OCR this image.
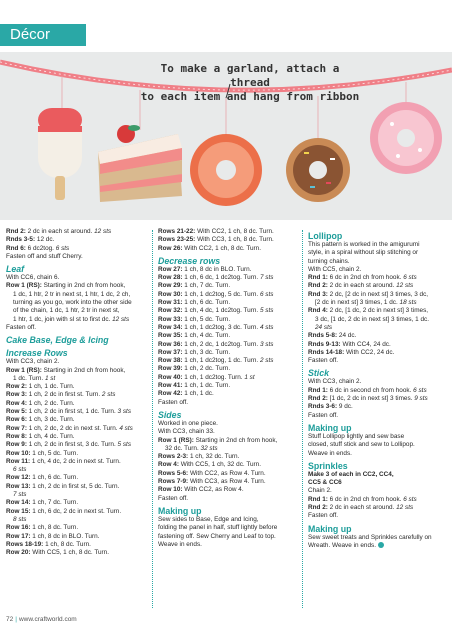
Décor
To make a garland, attach a thread
to each item and hang from ribbon
Rnd 2: 2 dc in each st around. 12 sts
Rnds 3-5: 12 dc.
Rnd 6: 6 dc2tog. 6 sts
Fasten off and stuff Cherry.
Leaf
With CC6, chain 6.
Row 1 (RS): Starting in 2nd ch from hook,
1 dc, 1 htr, 2 tr in next st, 1 htr, 1 dc, 2 ch,
turning as you go, work into the other side
of the chain, 1 dc, 1 htr, 2 tr in next st,
1 htr, 1 dc, join with sl st to first dc. 12 sts
Fasten off.
Cake Base, Edge & Icing
Increase Rows
With CC3, chain 2.
Row 1 (RS): Starting in 2nd ch from hook,
1 dc. Turn. 1 st
Row 2: 1 ch, 1 dc. Turn.
Row 3: 1 ch, 2 dc in first st. Turn. 2 sts
Row 4: 1 ch, 2 dc. Turn.
Row 5: 1 ch, 2 dc in first st, 1 dc. Turn. 3 sts
Row 6: 1 ch, 3 dc. Turn.
Row 7: 1 ch, 2 dc, 2 dc in next st. Turn. 4 sts
Row 8: 1 ch, 4 dc. Turn.
Row 9: 1 ch, 2 dc in first st, 3 dc. Turn. 5 sts
Row 10: 1 ch, 5 dc. Turn.
Row 11: 1 ch, 4 dc, 2 dc in next st. Turn.
6 sts
Row 12: 1 ch, 6 dc. Turn.
Row 13: 1 ch, 2 dc in first st, 5 dc. Turn.
7 sts
Row 14: 1 ch, 7 dc. Turn.
Row 15: 1 ch, 6 dc, 2 dc in next st. Turn.
8 sts
Row 16: 1 ch, 8 dc. Turn.
Row 17: 1 ch, 8 dc in BLO. Turn.
Rows 18-19: 1 ch, 8 dc. Turn.
Row 20: With CC5, 1 ch, 8 dc. Turn.
Rows 21-22: With CC2, 1 ch, 8 dc. Turn.
Rows 23-25: With CC3, 1 ch, 8 dc. Turn.
Row 26: With CC2, 1 ch, 8 dc. Turn.
Decrease rows
Row 27: 1 ch, 8 dc in BLO. Turn.
Row 28: 1 ch, 6 dc, 1 dc2tog. Turn. 7 sts
Row 29: 1 ch, 7 dc. Turn.
Row 30: 1 ch, 1 dc2tog, 5 dc. Turn. 6 sts
Row 31: 1 ch, 6 dc. Turn.
Row 32: 1 ch, 4 dc, 1 dc2tog. Turn. 5 sts
Row 33: 1 ch, 5 dc. Turn.
Row 34: 1 ch, 1 dc2tog, 3 dc. Turn. 4 sts
Row 35: 1 ch, 4 dc. Turn.
Row 36: 1 ch, 2 dc, 1 dc2tog. Turn. 3 sts
Row 37: 1 ch, 3 dc. Turn.
Row 38: 1 ch, 1 dc2tog, 1 dc. Turn. 2 sts
Row 39: 1 ch, 2 dc. Turn.
Row 40: 1 ch, 1 dc2tog. Turn. 1 st
Row 41: 1 ch, 1 dc. Turn.
Row 42: 1 ch, 1 dc.
Fasten off.
Sides
Worked in one piece.
With CC3, chain 33.
Row 1 (RS): Starting in 2nd ch from hook,
32 dc. Turn. 32 sts
Rows 2-3: 1 ch, 32 dc. Turn.
Row 4: With CC5, 1 ch, 32 dc. Turn.
Rows 5-6: With CC2, as Row 4. Turn.
Rows 7-9: With CC3, as Row 4. Turn.
Row 10: With CC2, as Row 4.
Fasten off.
Making up
Sew sides to Base, Edge and Icing,
folding the panel in half, stuff lightly before
fastening off. Sew Cherry and Leaf to top.
Weave in ends.
Lollipop
This pattern is worked in the amigurumi
style, in a spiral without slip stitching or
turning chains.
With CC5, chain 2.
Rnd 1: 6 dc in 2nd ch from hook. 6 sts
Rnd 2: 2 dc in each st around. 12 sts
Rnd 3: 2 dc, [2 dc in next st] 3 times, 3 dc,
[2 dc in next st] 3 times, 1 dc. 18 sts
Rnd 4: 2 dc, [1 dc, 2 dc in next st] 3 times,
3 dc, [1 dc, 2 dc in next st] 3 times, 1 dc.
24 sts
Rnds 5-8: 24 dc.
Rnds 9-13: With CC4, 24 dc.
Rnds 14-18: With CC2, 24 dc.
Fasten off.
Stick
With CC3, chain 2.
Rnd 1: 6 dc in second ch from hook. 6 sts
Rnd 2: [1 dc, 2 dc in next st] 3 times. 9 sts
Rnds 3-6: 9 dc.
Fasten off.
Making up
Stuff Lollipop lightly and sew base
closed, stuff stick and sew to Lollipop.
Weave in ends.
Sprinkles
Make 3 of each in CC2, CC4,
CC5 & CC6
Chain 2.
Rnd 1: 6 dc in 2nd ch from hook. 6 sts
Rnd 2: 2 dc in each st around. 12 sts
Fasten off.
Making up
Sew sweet treats and Sprinkles carefully on
Wreath. Weave in ends.
72 | www.craftworld.com
